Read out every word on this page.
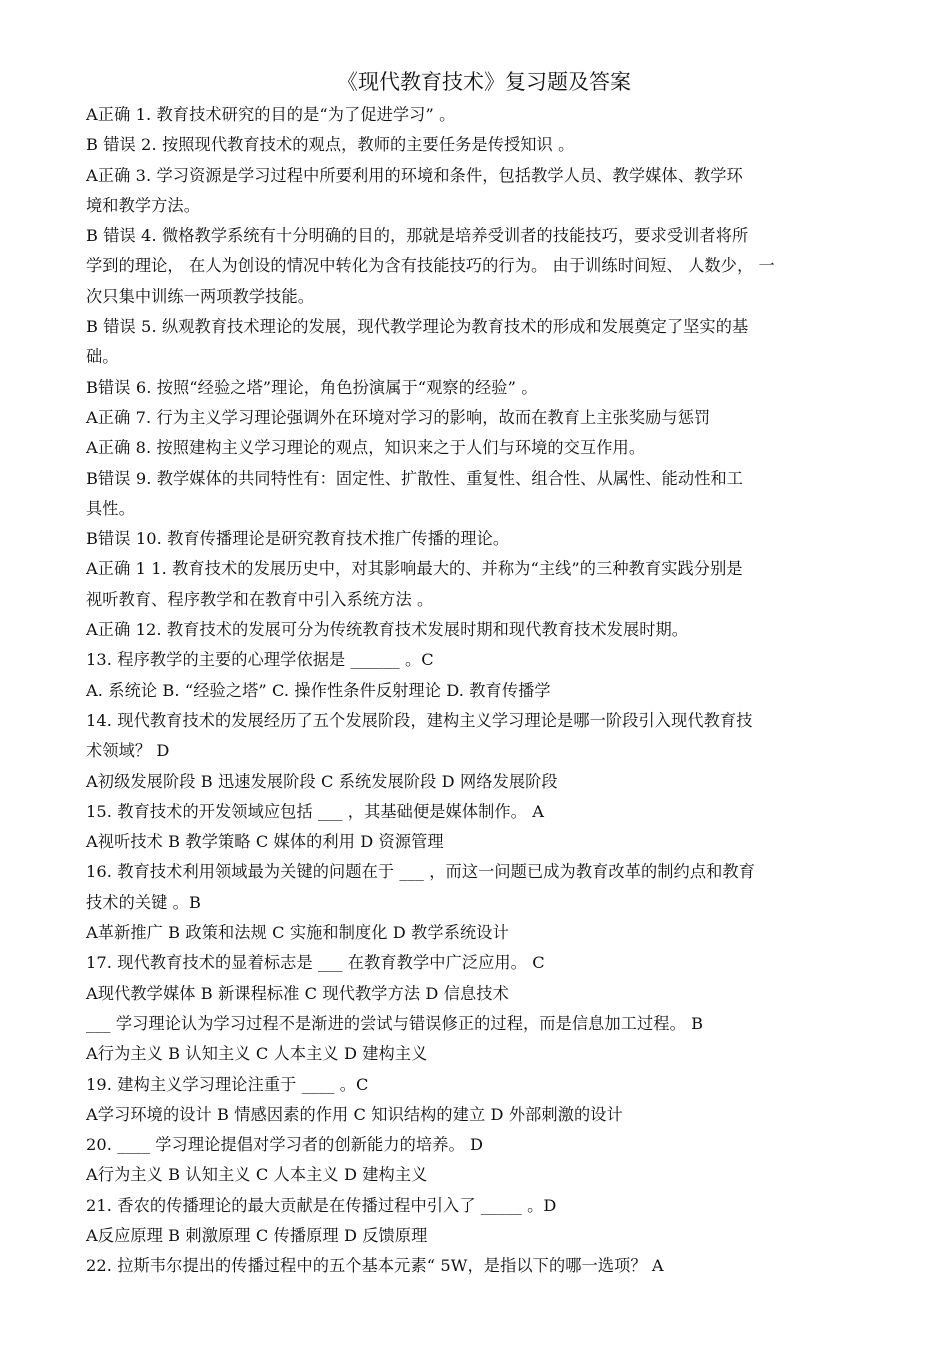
《现代教育技术》复习题及答案
A正确 1. 教育技术研究的目的是“为了促进学习” 。
B 错误 2. 按照现代教育技术的观点，教师的主要任务是传授知识 。
A正确 3. 学习资源是学习过程中所要利用的环境和条件，包括教学人员、教学媒体、教学环
境和教学方法。
B 错误 4. 微格教学系统有十分明确的目的，那就是培养受训者的技能技巧，要求受训者将所
学到的理论， 在人为创设的情况中转化为含有技能技巧的行为。 由于训练时间短、 人数少， 一
次只集中训练一两项教学技能。
B 错误 5. 纵观教育技术理论的发展，现代教学理论为教育技术的形成和发展奠定了坚实的基
础。
B错误 6. 按照“经验之塔”理论，角色扮演属于“观察的经验” 。
A正确 7. 行为主义学习理论强调外在环境对学习的影响，故而在教育上主张奖励与惩罚
A正确 8. 按照建构主义学习理论的观点，知识来之于人们与环境的交互作用。
B错误 9. 教学媒体的共同特性有：固定性、扩散性、重复性、组合性、从属性、能动性和工
具性。
B错误 10. 教育传播理论是研究教育技术推广传播的理论。
A正确 1 1. 教育技术的发展历史中，对其影响最大的、并称为“主线”的三种教育实践分别是
视听教育、程序教学和在教育中引入系统方法 。
A正确 12. 教育技术的发展可分为传统教育技术发展时期和现代教育技术发展时期。
13. 程序教学的主要的心理学依据是 ______ 。C
A. 系统论 B. “经验之塔” C. 操作性条件反射理论 D. 教育传播学
14. 现代教育技术的发展经历了五个发展阶段，建构主义学习理论是哪一阶段引入现代教育技
术领域？ D
A初级发展阶段 B 迅速发展阶段 C 系统发展阶段 D 网络发展阶段
15. 教育技术的开发领域应包括 ___ ，其基础便是媒体制作。 A
A视听技术 B 教学策略 C 媒体的利用 D 资源管理
16. 教育技术利用领域最为关键的问题在于 ___ ，而这一问题已成为教育改革的制约点和教育
技术的关键 。B
A革新推广 B 政策和法规 C 实施和制度化 D 教学系统设计
17. 现代教育技术的显着标志是 ___ 在教育教学中广泛应用。 C
A现代教学媒体 B 新课程标准 C 现代教学方法 D 信息技术
___ 学习理论认为学习过程不是渐进的尝试与错误修正的过程，而是信息加工过程。 B
A行为主义 B 认知主义 C 人本主义 D 建构主义
19. 建构主义学习理论注重于 ____ 。C
A学习环境的设计 B 情感因素的作用 C 知识结构的建立 D 外部刺激的设计
20. ____ 学习理论提倡对学习者的创新能力的培养。 D
A行为主义 B 认知主义 C 人本主义 D 建构主义
21. 香农的传播理论的最大贡献是在传播过程中引入了 _____ 。D
A反应原理 B 刺激原理 C 传播原理 D 反馈原理
22. 拉斯韦尔提出的传播过程中的五个基本元素“ 5W，是指以下的哪一选项？ A
